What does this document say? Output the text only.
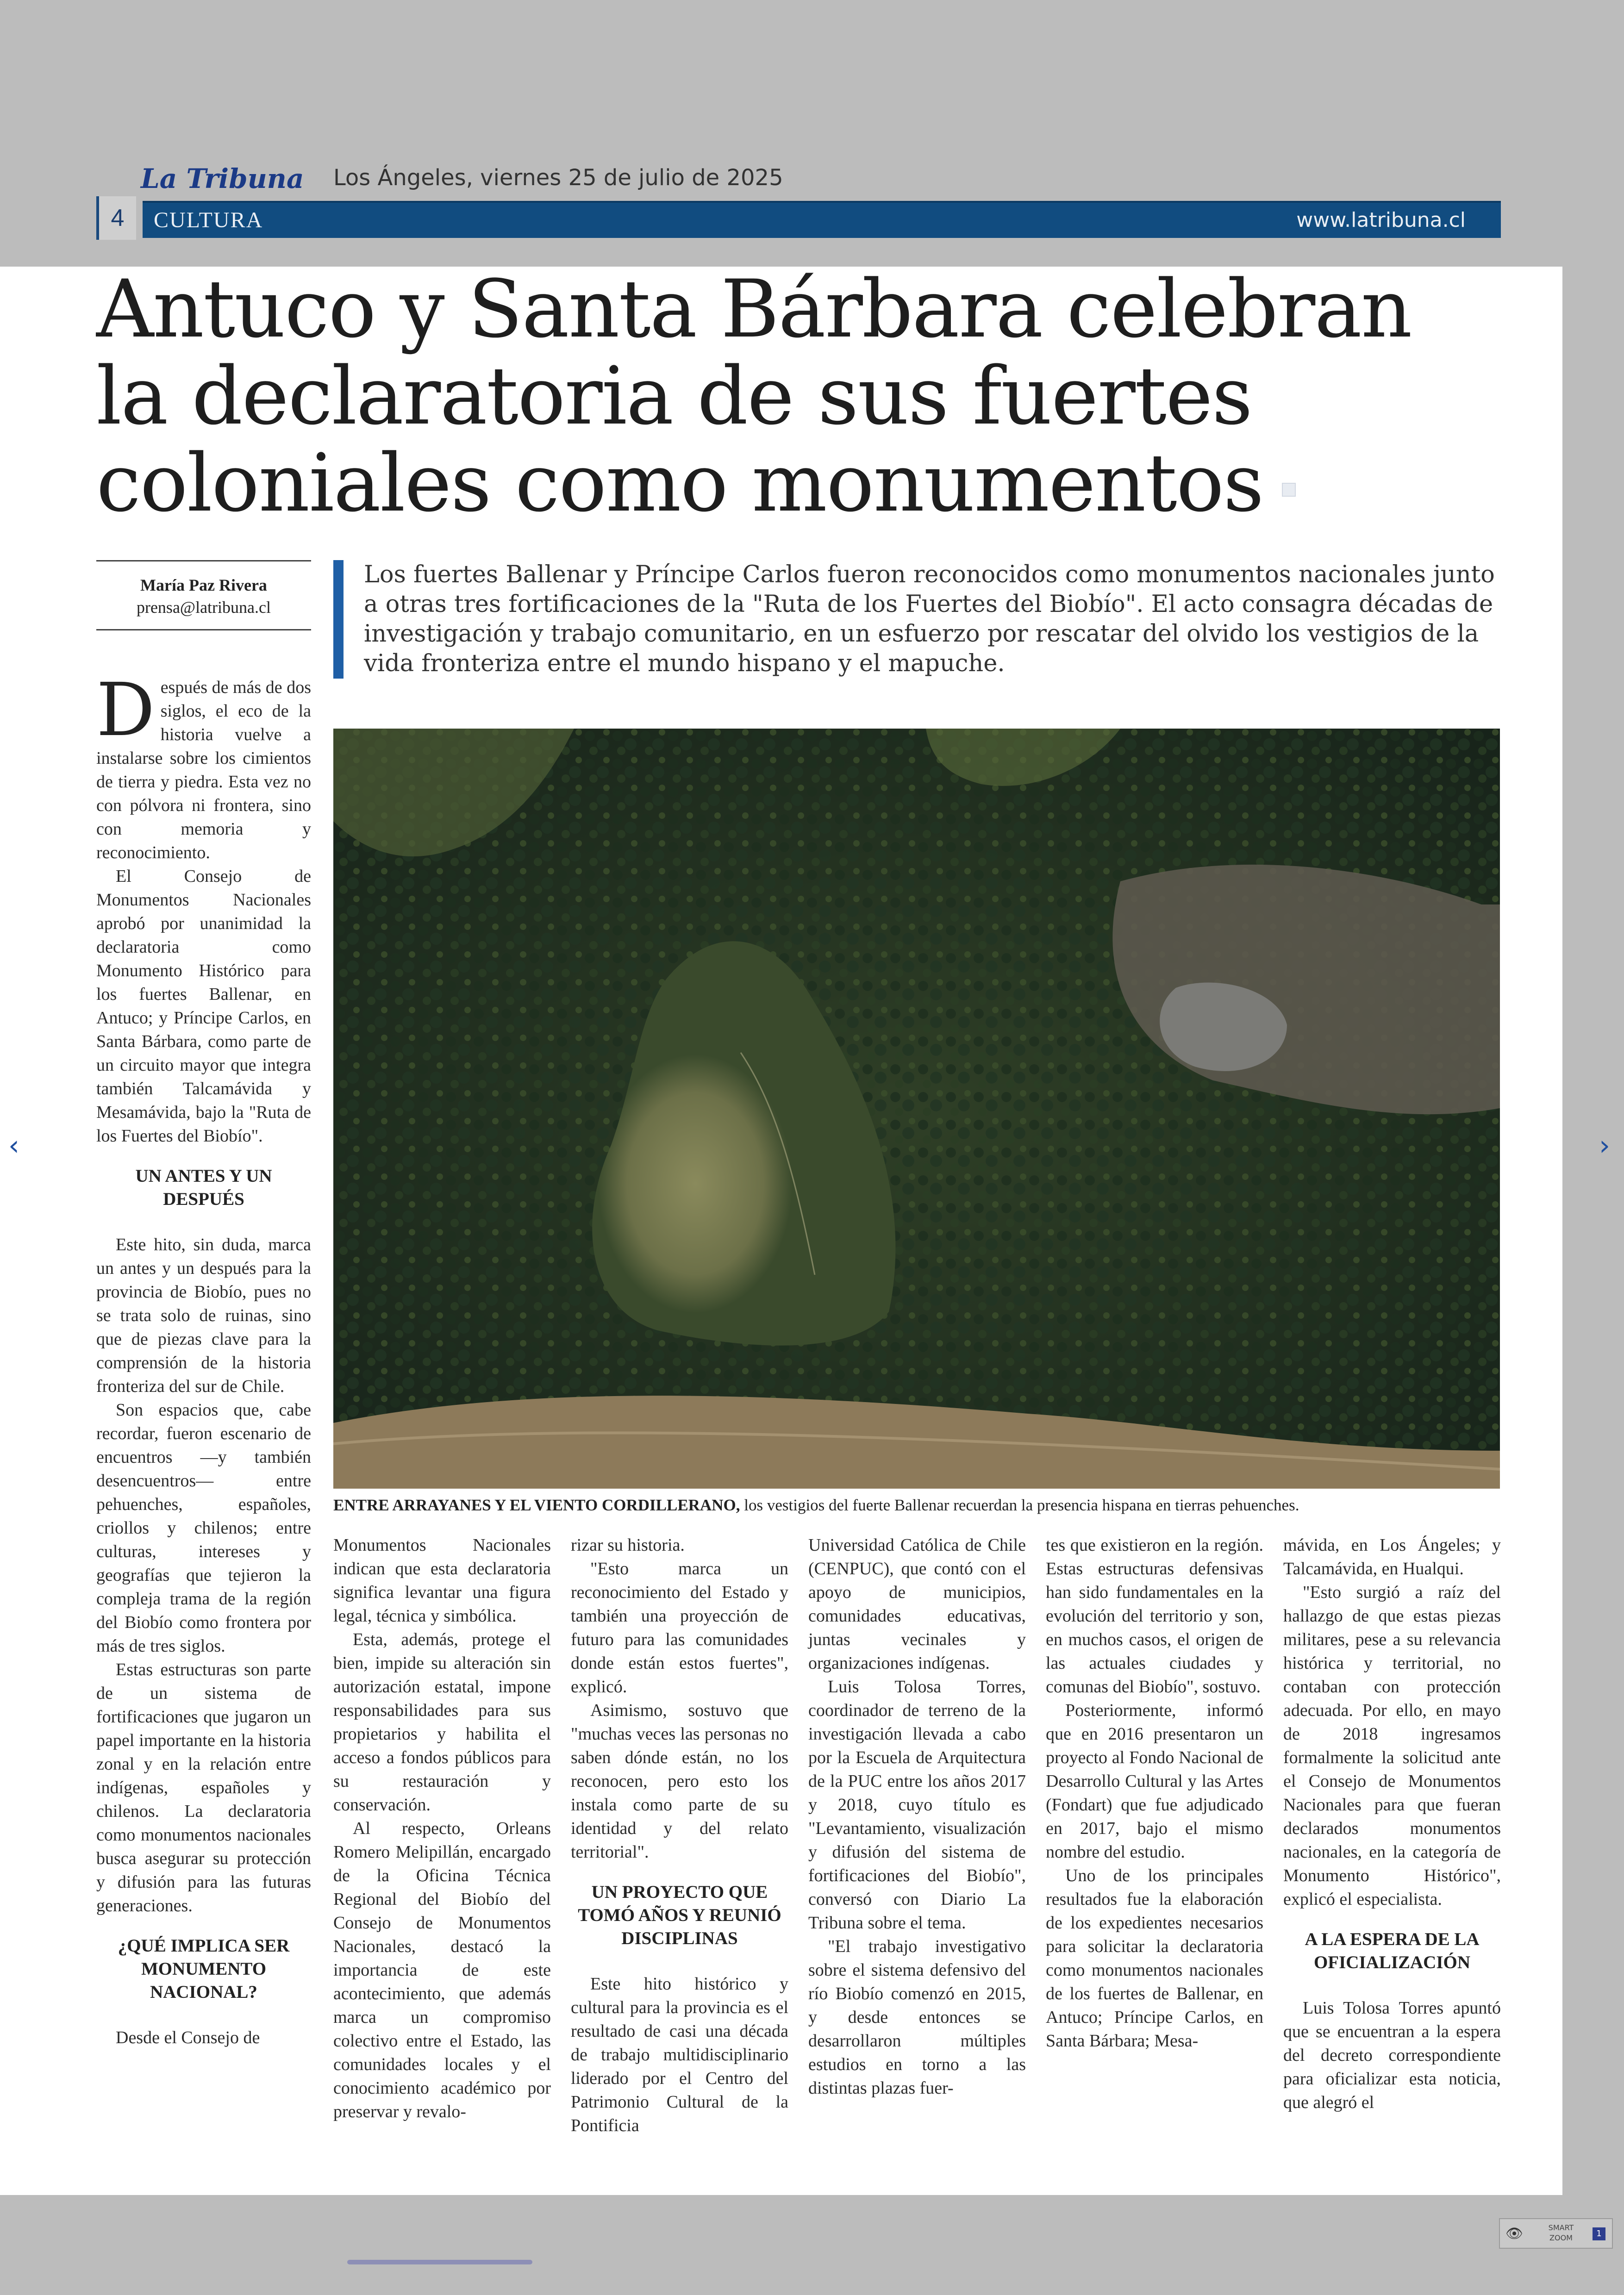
La Tribuna Los Ángeles, viernes 25 de julio de 2025
4	CULTURA	www.latribuna.cl
Antuco y Santa Bárbara celebran la declaratoria de sus fuertes coloniales como monumentos
María Paz Rivera
prensa@latribuna.cl
Los fuertes Ballenar y Príncipe Carlos fueron reconocidos como monumentos nacionales junto a otras tres fortificaciones de la "Ruta de los Fuertes del Biobío". El acto consagra décadas de investigación y trabajo comunitario, en un esfuerzo por rescatar del olvido los vestigios de la vida fronteriza entre el mundo hispano y el mapuche.
ENTRE ARRAYANES Y EL VIENTO CORDILLERANO, los vestigios del fuerte Ballenar recuerdan la presencia hispana en tierras pehuenches.
D espués de más de dos siglos, el eco de la historia vuelve a instalarse sobre los cimientos de tierra y piedra. Esta vez no con pólvora ni frontera, sino con memoria y reconocimiento.

El Consejo de Monumentos Nacionales aprobó por unanimidad la declaratoria como Monumento Histórico para los fuertes Ballenar, en Antuco; y Príncipe Carlos, en Santa Bárbara, como parte de un circuito mayor que integra también Talcamávida y Mesamávida, bajo la "Ruta de los Fuertes del Biobío".

UN ANTES Y UN DESPUÉS

Este hito, sin duda, marca un antes y un después para la provincia de Biobío, pues no se trata solo de ruinas, sino que de piezas clave para la comprensión de la historia fronteriza del sur de Chile.

Son espacios que, cabe recordar, fueron escenario de encuentros —y también desencuentros— entre pehuenches, españoles, criollos y chilenos; entre culturas, intereses y geografías que tejieron la compleja trama de la región del Biobío como frontera por más de tres siglos.

Estas estructuras son parte de un sistema de fortificaciones que jugaron un papel importante en la historia zonal y en la relación entre indígenas, españoles y chilenos. La declaratoria como monumentos nacionales busca asegurar su protección y difusión para las futuras generaciones.

¿QUÉ IMPLICA SER MONUMENTO NACIONAL?

Desde el Consejo de

Monumentos Nacionales indican que esta declaratoria significa levantar una figura legal, técnica y simbólica.

Esta, además, protege el bien, impide su alteración sin autorización estatal, impone responsabilidades para sus propietarios y habilita el acceso a fondos públicos para su restauración y conservación.

Al respecto, Orleans Romero Melipillán, encargado de la Oficina Técnica Regional del Biobío del Consejo de Monumentos Nacionales, destacó la importancia de este acontecimiento, que además marca un compromiso colectivo entre el Estado, las comunidades locales y el conocimiento académico por preservar y revalo-

rizar su historia.

"Esto marca un reconocimiento del Estado y también una proyección de futuro para las comunidades donde están estos fuertes", explicó.

Asimismo, sostuvo que "muchas veces las personas no saben dónde están, no los reconocen, pero esto los instala como parte de su identidad y del relato territorial".

UN PROYECTO QUE TOMÓ AÑOS Y REUNIÓ DISCIPLINAS

Este hito histórico y cultural para la provincia es el resultado de casi una década de trabajo multidisciplinario liderado por el Centro del Patrimonio Cultural de la Pontificia

Universidad Católica de Chile (CENPUC), que contó con el apoyo de municipios, comunidades educativas, juntas vecinales y organizaciones indígenas.

Luis Tolosa Torres, coordinador de terreno de la investigación llevada a cabo por la Escuela de Arquitectura de la PUC entre los años 2017 y 2018, cuyo título es "Levantamiento, visualización y difusión del sistema de fortificaciones del Biobío", conversó con Diario La Tribuna sobre el tema.

"El trabajo investigativo sobre el sistema defensivo del río Biobío comenzó en 2015, y desde entonces se desarrollaron múltiples estudios en torno a las distintas plazas fuer-

tes que existieron en la región. Estas estructuras defensivas han sido fundamentales en la evolución del territorio y son, en muchos casos, el origen de las actuales ciudades y comunas del Biobío", sostuvo.

Posteriormente, informó que en 2016 presentaron un proyecto al Fondo Nacional de Desarrollo Cultural y las Artes (Fondart) que fue adjudicado en 2017, bajo el mismo nombre del estudio.

Uno de los principales resultados fue la elaboración de los expedientes necesarios para solicitar la declaratoria como monumentos nacionales de los fuertes de Ballenar, en Antuco; Príncipe Carlos, en Santa Bárbara; Mesa-

mávida, en Los Ángeles; y Talcamávida, en Hualqui.

"Esto surgió a raíz del hallazgo de que estas piezas militares, pese a su relevancia histórica y territorial, no contaban con protección adecuada. Por ello, en mayo de 2018 ingresamos formalmente la solicitud ante el Consejo de Monumentos Nacionales para que fueran declarados monumentos nacionales, en la categoría de Monumento Histórico", explicó el especialista.

A LA ESPERA DE LA OFICIALIZACIÓN

Luis Tolosa Torres apuntó que se encuentran a la espera del decreto correspondiente para oficializar esta noticia, que alegró el

‹	›
👁	SMART ZOOM	1
